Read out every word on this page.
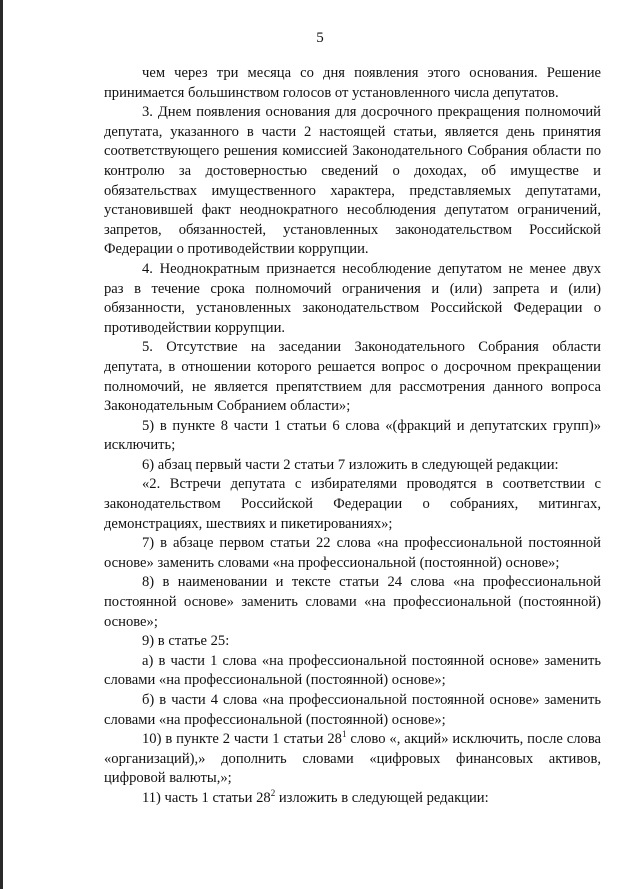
5

чем через три месяца со дня появления этого основания. Решение принимается большинством голосов от установленного числа депутатов.

3. Днем появления основания для досрочного прекращения полномочий депутата, указанного в части 2 настоящей статьи, является день принятия соответствующего решения комиссией Законодательного Собрания области по контролю за достоверностью сведений о доходах, об имуществе и обязательствах имущественного характера, представляемых депутатами, установившей факт неоднократного несоблюдения депутатом ограничений, запретов, обязанностей, установленных законодательством Российской Федерации о противодействии коррупции.

4. Неоднократным признается несоблюдение депутатом не менее двух раз в течение срока полномочий ограничения и (или) запрета и (или) обязанности, установленных законодательством Российской Федерации о противодействии коррупции.

5. Отсутствие на заседании Законодательного Собрания области депутата, в отношении которого решается вопрос о досрочном прекращении полномочий, не является препятствием для рассмотрения данного вопроса Законодательным Собранием области»;

5) в пункте 8 части 1 статьи 6 слова «(фракций и депутатских групп)» исключить;

6) абзац первый части 2 статьи 7 изложить в следующей редакции:

«2. Встречи депутата с избирателями проводятся в соответствии с законодательством Российской Федерации о собраниях, митингах, демонстрациях, шествиях и пикетированиях»;

7) в абзаце первом статьи 22 слова «на профессиональной постоянной основе» заменить словами «на профессиональной (постоянной) основе»;

8) в наименовании и тексте статьи 24 слова «на профессиональной постоянной основе» заменить словами «на профессиональной (постоянной) основе»;

9) в статье 25:

а) в части 1 слова «на профессиональной постоянной основе» заменить словами «на профессиональной (постоянной) основе»;

б) в части 4 слова «на профессиональной постоянной основе» заменить словами «на профессиональной (постоянной) основе»;

10) в пункте 2 части 1 статьи $28^1$ слово «, акций» исключить, после слова «организаций),» дополнить словами «цифровых финансовых активов, цифровой валюты,»;

11) часть 1 статьи $28^2$ изложить в следующей редакции:
